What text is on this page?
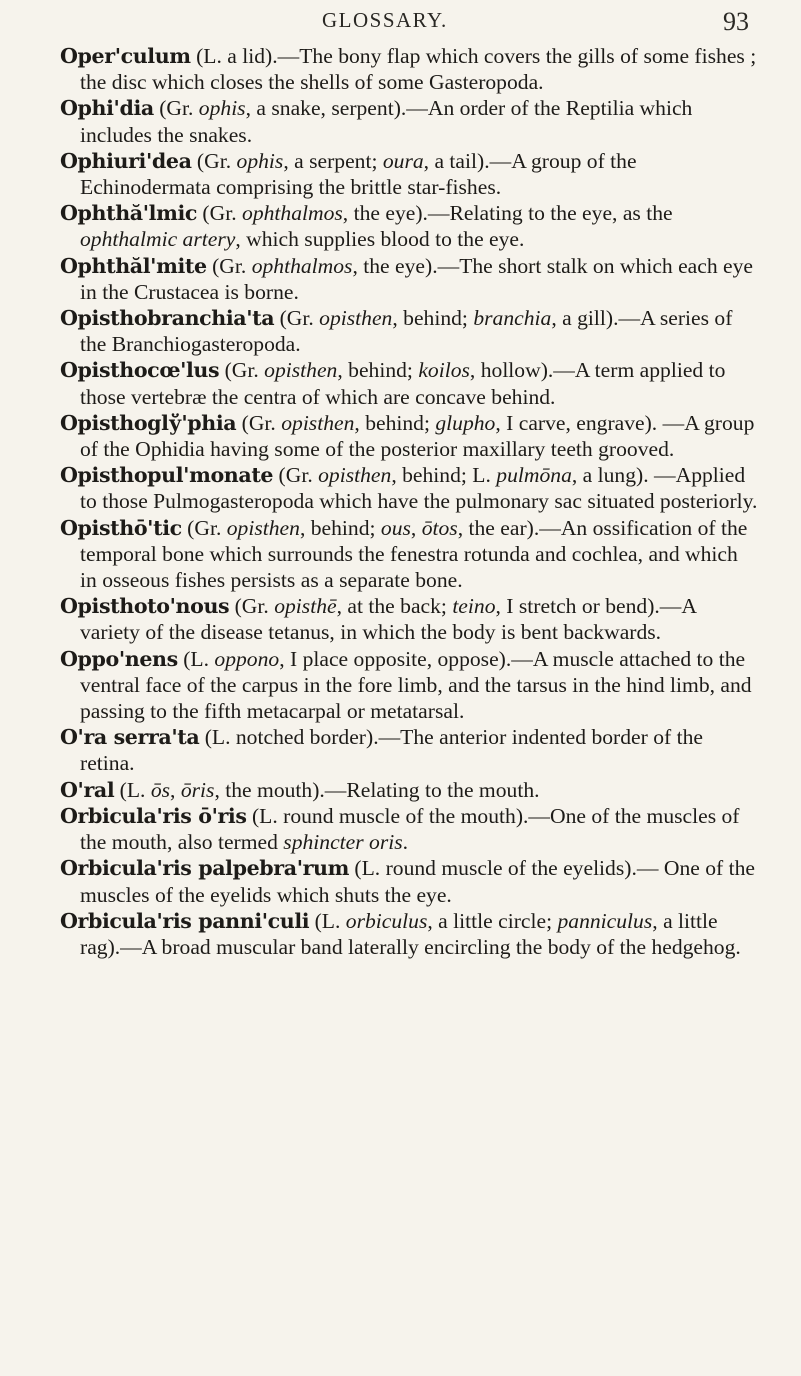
GLOSSARY.	93

Oper'culum (L. a lid).—The bony flap which covers the gills of some fishes ; the disc which closes the shells of some Gasteropoda.

Ophi'dia (Gr. ophis, a snake, serpent).—An order of the Reptilia which includes the snakes.

Ophiuri'dea (Gr. ophis, a serpent; oura, a tail).—A group of the Echinodermata comprising the brittle star-fishes.

Ophthă'lmic (Gr. ophthalmos, the eye).—Relating to the eye, as the ophthalmic artery, which supplies blood to the eye.

Ophthăl'mite (Gr. ophthalmos, the eye).—The short stalk on which each eye in the Crustacea is borne.

Opisthobranchia'ta (Gr. opisthen, behind; branchia, a gill).—A series of the Branchiogasteropoda.

Opisthocœ'lus (Gr. opisthen, behind; koilos, hollow).—A term applied to those vertebræ the centra of which are concave behind.

Opisthoglў'phia (Gr. opisthen, behind; glupho, I carve, engrave). —A group of the Ophidia having some of the posterior maxillary teeth grooved.

Opisthopul'monate (Gr. opisthen, behind; L. pulmōna, a lung). —Applied to those Pulmogasteropoda which have the pulmonary sac situated posteriorly.

Opisthō'tic (Gr. opisthen, behind; ous, ōtos, the ear).—An ossification of the temporal bone which surrounds the fenestra rotunda and cochlea, and which in osseous fishes persists as a separate bone.

Opisthoto'nous (Gr. opisthē, at the back; teino, I stretch or bend).—A variety of the disease tetanus, in which the body is bent backwards.

Oppo'nens (L. oppono, I place opposite, oppose).—A muscle attached to the ventral face of the carpus in the fore limb, and the tarsus in the hind limb, and passing to the fifth metacarpal or metatarsal.

O'ra serra'ta (L. notched border).—The anterior indented border of the retina.

O'ral (L. ōs, ōris, the mouth).—Relating to the mouth.

Orbicula'ris ō'ris (L. round muscle of the mouth).—One of the muscles of the mouth, also termed sphincter oris.

Orbicula'ris palpebra'rum (L. round muscle of the eyelids).— One of the muscles of the eyelids which shuts the eye.

Orbicula'ris panni'culi (L. orbiculus, a little circle; panniculus, a little rag).—A broad muscular band laterally encircling the body of the hedgehog.
